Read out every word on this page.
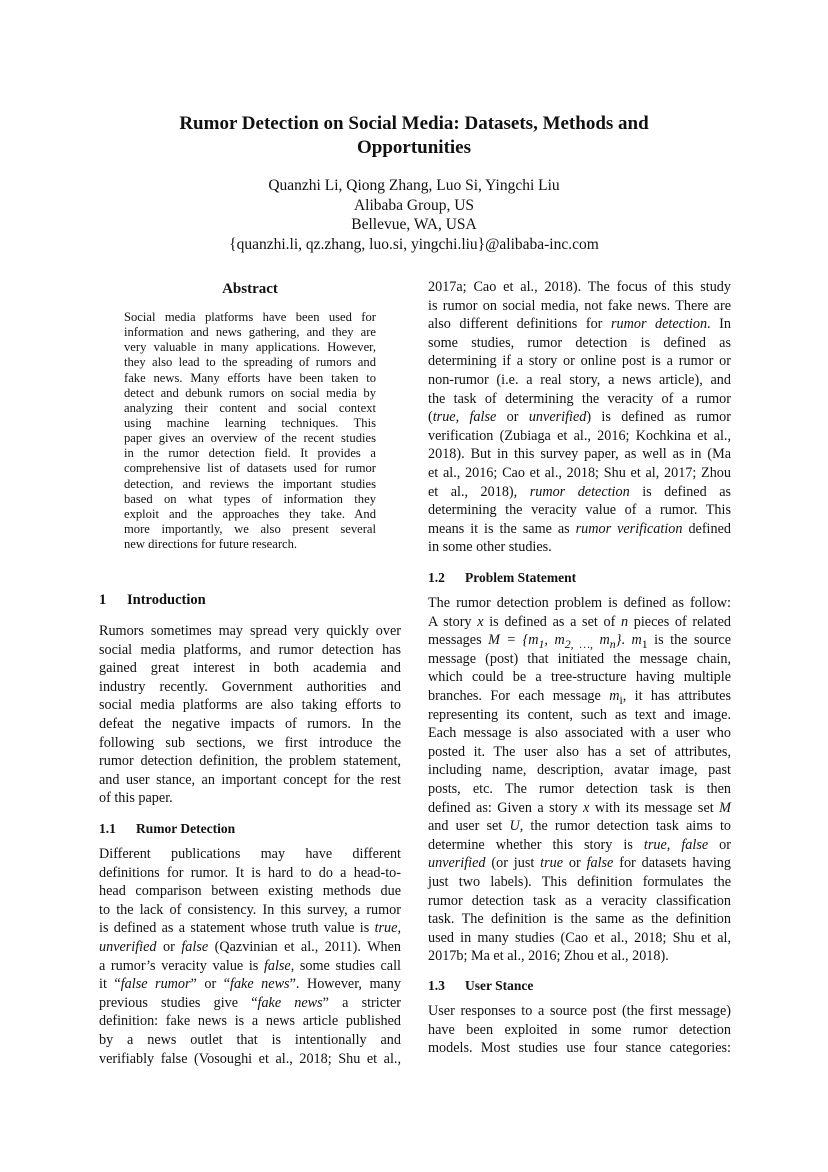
Rumor Detection on Social Media: Datasets, Methods and
Opportunities
Quanzhi Li, Qiong Zhang, Luo Si, Yingchi Liu
Alibaba Group, US
Bellevue, WA, USA
{quanzhi.li, qz.zhang, luo.si, yingchi.liu}@alibaba-inc.com
Abstract
Social media platforms have been used for
information and news gathering, and they are
very valuable in many applications. However,
they also lead to the spreading of rumors and
fake news. Many efforts have been taken to
detect and debunk rumors on social media by
analyzing their content and social context
using machine learning techniques. This
paper gives an overview of the recent studies
in the rumor detection field. It provides a
comprehensive list of datasets used for rumor
detection, and reviews the important studies
based on what types of information they
exploit and the approaches they take. And
more importantly, we also present several
new directions for future research.
1 Introduction
Rumors sometimes may spread very quickly over
social media platforms, and rumor detection has
gained great interest in both academia and
industry recently. Government authorities and
social media platforms are also taking efforts to
defeat the negative impacts of rumors. In the
following sub sections, we first introduce the
rumor detection definition, the problem statement,
and user stance, an important concept for the rest
of this paper.
1.1 Rumor Detection
Different publications may have different
definitions for rumor. It is hard to do a head-to-
head comparison between existing methods due
to the lack of consistency. In this survey, a rumor
is defined as a statement whose truth value is true,
unverified or false (Qazvinian et al., 2011). When
a rumor’s veracity value is false, some studies call
it “false rumor” or “fake news”. However, many
previous studies give “fake news” a stricter
definition: fake news is a news article published
by a news outlet that is intentionally and
verifiably false (Vosoughi et al., 2018; Shu et al.,
2017a; Cao et al., 2018). The focus of this study
is rumor on social media, not fake news. There are
also different definitions for rumor detection. In
some studies, rumor detection is defined as
determining if a story or online post is a rumor or
non-rumor (i.e. a real story, a news article), and
the task of determining the veracity of a rumor
(true, false or unverified) is defined as rumor
verification (Zubiaga et al., 2016; Kochkina et al.,
2018). But in this survey paper, as well as in (Ma
et al., 2016; Cao et al., 2018; Shu et al, 2017; Zhou
et al., 2018), rumor detection is defined as
determining the veracity value of a rumor. This
means it is the same as rumor verification defined
in some other studies.
1.2 Problem Statement
The rumor detection problem is defined as follow:
A story x is defined as a set of n pieces of related
messages $M = \{m_1$, $m_{2, \dots,}$ $m_n$}. $m_1$ is the source
message (post) that initiated the message chain,
which could be a tree-structure having multiple
branches. For each message $m_i$, it has attributes
representing its content, such as text and image.
Each message is also associated with a user who
posted it. The user also has a set of attributes,
including name, description, avatar image, past
posts, etc. The rumor detection task is then
defined as: Given a story x with its message set M
and user set U, the rumor detection task aims to
determine whether this story is true, false or
unverified (or just true or false for datasets having
just two labels). This definition formulates the
rumor detection task as a veracity classification
task. The definition is the same as the definition
used in many studies (Cao et al., 2018; Shu et al,
2017b; Ma et al., 2016; Zhou et al., 2018).
1.3 User Stance
User responses to a source post (the first message)
have been exploited in some rumor detection
models. Most studies use four stance categories:
